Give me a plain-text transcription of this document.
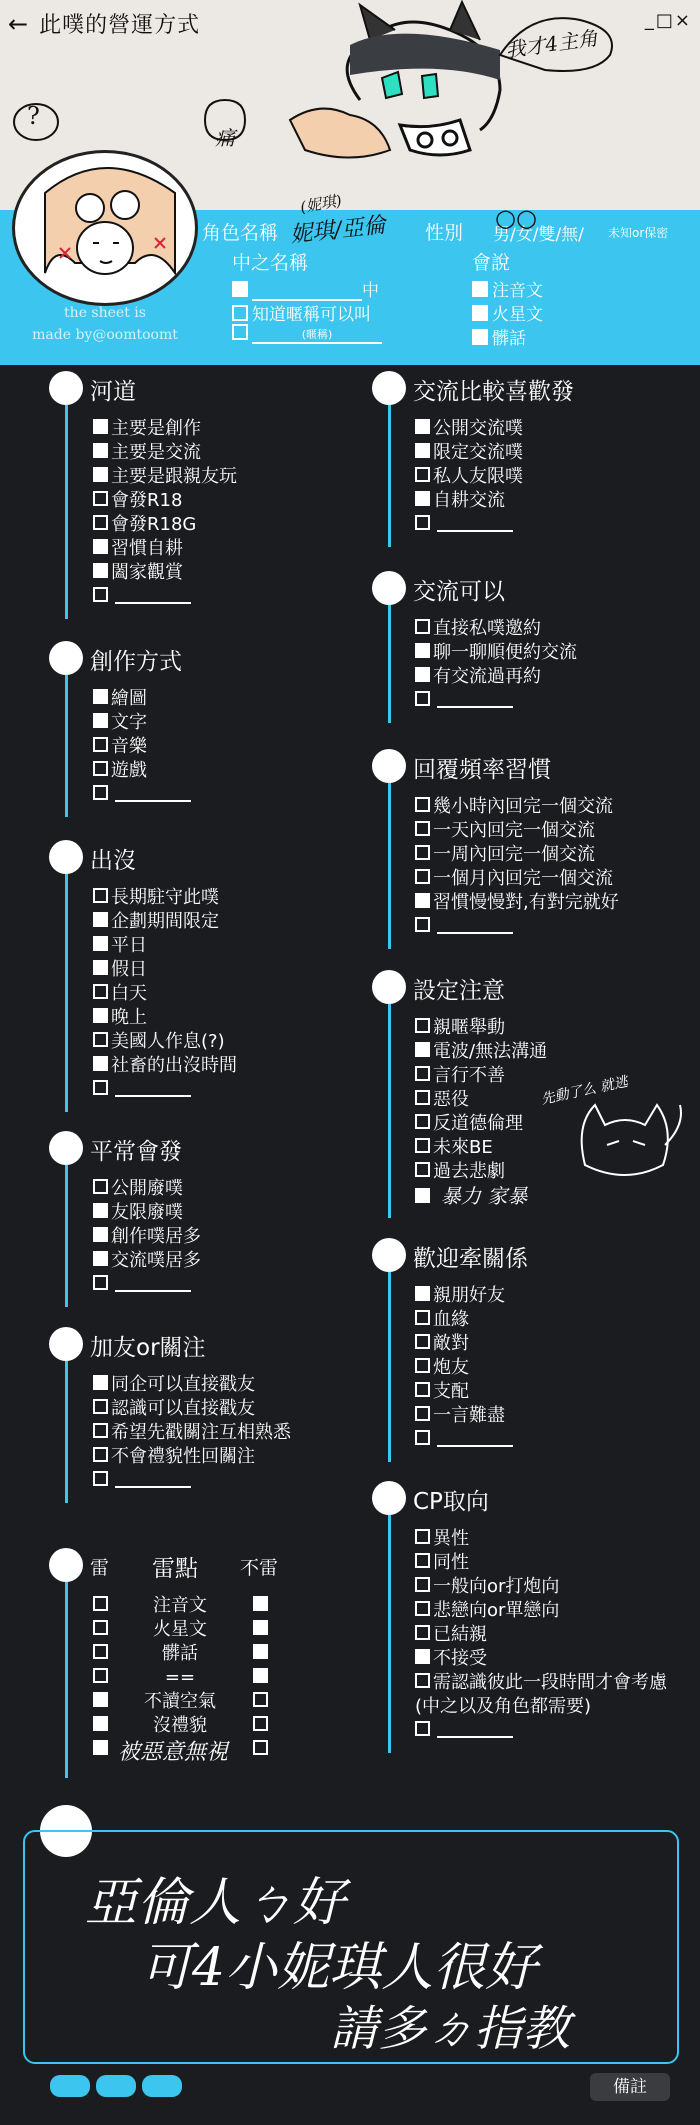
← 此噗的營運方式	_□×
我才4主角
痛
?
the sheet is
made by@oomtoomt
角色名稱
(妮琪)
妮琪/亞倫 性別 男/女/雙/無/ 未知or保密
○○
中之名稱
中
知道暱稱可以叫
(暱稱)
會說
注音文
火星文
髒話
河道
主要是創作
主要是交流
主要是跟親友玩
會發R18
會發R18G
習慣自耕
闔家觀賞
創作方式
繪圖
文字
音樂
遊戲
出沒
長期駐守此噗
企劃期間限定
平日
假日
白天
晚上
美國人作息(?)
社畜的出沒時間
平常會發
公開廢噗
友限廢噗
創作噗居多
交流噗居多
加友or關注
同企可以直接戳友
認識可以直接戳友
希望先戳關注互相熟悉
不會禮貌性回關注
交流比較喜歡發
公開交流噗
限定交流噗
私人友限噗
自耕交流
交流可以
直接私噗邀約
聊一聊順便約交流
有交流過再約
回覆頻率習慣
幾小時內回完一個交流
一天內回完一個交流
一周內回完一個交流
一個月內回完一個交流
習慣慢慢對,有對完就好
設定注意
親暱舉動
電波/無法溝通
言行不善
惡役
反道德倫理
未來BE
過去悲劇
暴力 家暴
歡迎牽關係
親朋好友
血緣
敵對
炮友
支配
一言難盡
CP取向
異性
同性
一般向or打炮向
悲戀向or單戀向
已結親
不接受
需認識彼此一段時間才會考慮
(中之以及角色都需要)
雷 雷點 不雷
注音文
火星文
髒話
==
不讀空氣
沒禮貌
被惡意無視
先動了么 就逃
亞倫人ㄅ好
可4小妮琪人很好
請多ㄉ指教
備註
